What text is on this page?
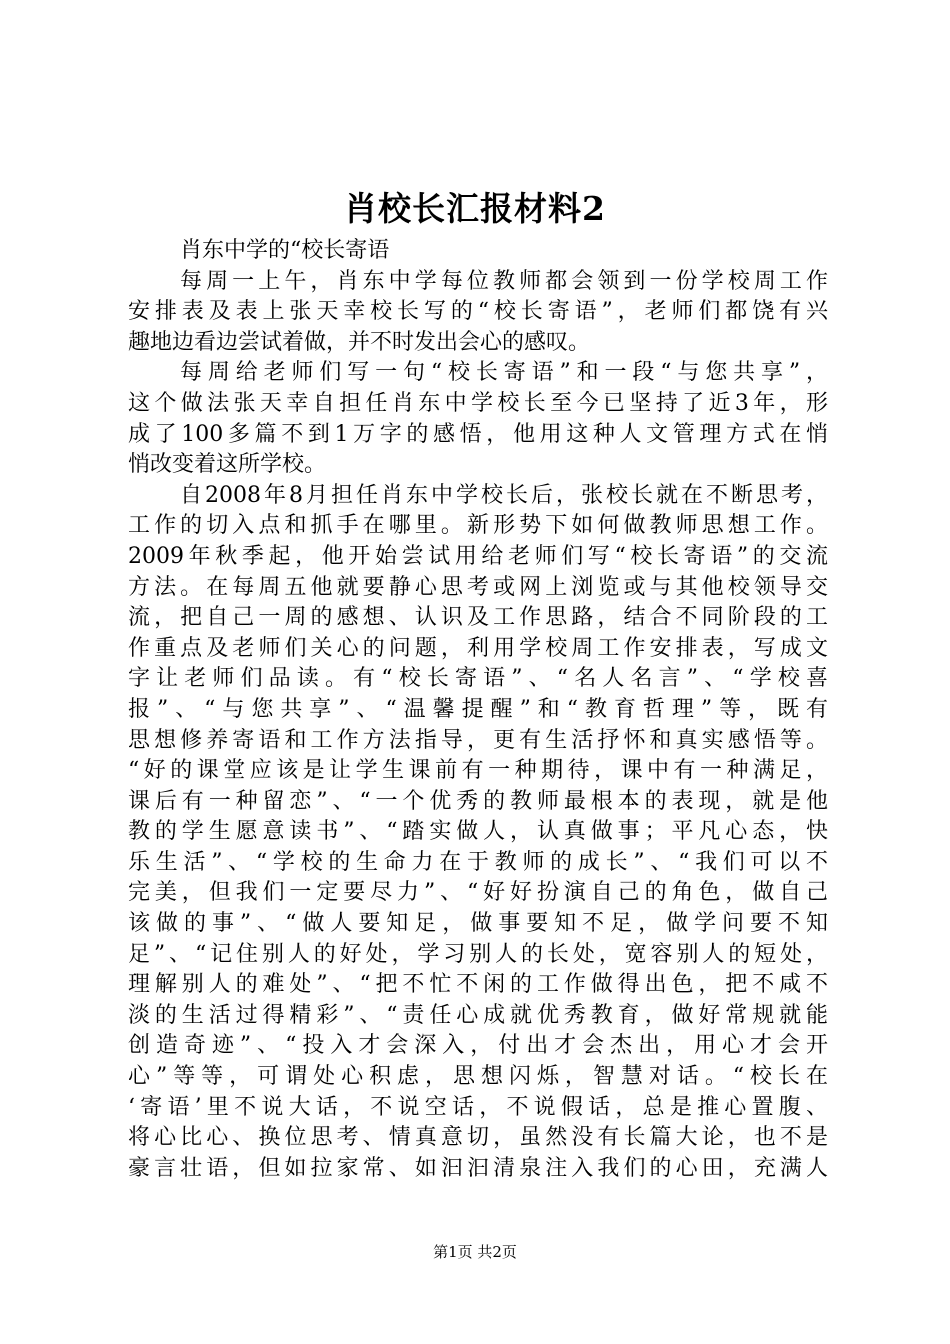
肖校长汇报材料2
肖东中学的“校长寄语
每周一上午，肖东中学每位教师都会领到一份学校周工作
安排表及表上张天幸校长写的“校长寄语”，老师们都饶有兴
趣地边看边尝试着做，并不时发出会心的感叹。
每周给老师们写一句“校长寄语”和一段“与您共享”，
这个做法张天幸自担任肖东中学校长至今已坚持了近3年，形
成了100多篇不到1万字的感悟，他用这种人文管理方式在悄
悄改变着这所学校。
自2008年8月担任肖东中学校长后，张校长就在不断思考，
工作的切入点和抓手在哪里。新形势下如何做教师思想工作。
2009年秋季起，他开始尝试用给老师们写“校长寄语”的交流
方法。在每周五他就要静心思考或网上浏览或与其他校领导交
流，把自己一周的感想、认识及工作思路，结合不同阶段的工
作重点及老师们关心的问题，利用学校周工作安排表，写成文
字让老师们品读。有“校长寄语”、“名人名言”、“学校喜
报”、“与您共享”、“温馨提醒”和“教育哲理”等，既有
思想修养寄语和工作方法指导，更有生活抒怀和真实感悟等。
“好的课堂应该是让学生课前有一种期待，课中有一种满足，
课后有一种留恋”、“一个优秀的教师最根本的表现，就是他
教的学生愿意读书”、“踏实做人，认真做事；平凡心态，快
乐生活”、“学校的生命力在于教师的成长”、“我们可以不
完美，但我们一定要尽力”、“好好扮演自己的角色，做自己
该做的事”、“做人要知足，做事要知不足，做学问要不知
足”、“记住别人的好处，学习别人的长处，宽容别人的短处，
理解别人的难处”、“把不忙不闲的工作做得出色，把不咸不
淡的生活过得精彩”、“责任心成就优秀教育，做好常规就能
创造奇迹”、“投入才会深入，付出才会杰出，用心才会开
心”等等，可谓处心积虑，思想闪烁，智慧对话。“校长在
‘寄语’里不说大话，不说空话，不说假话，总是推心置腹、
将心比心、换位思考、情真意切，虽然没有长篇大论，也不是
豪言壮语，但如拉家常、如汩汩清泉注入我们的心田，充满人
第1页 共2页
